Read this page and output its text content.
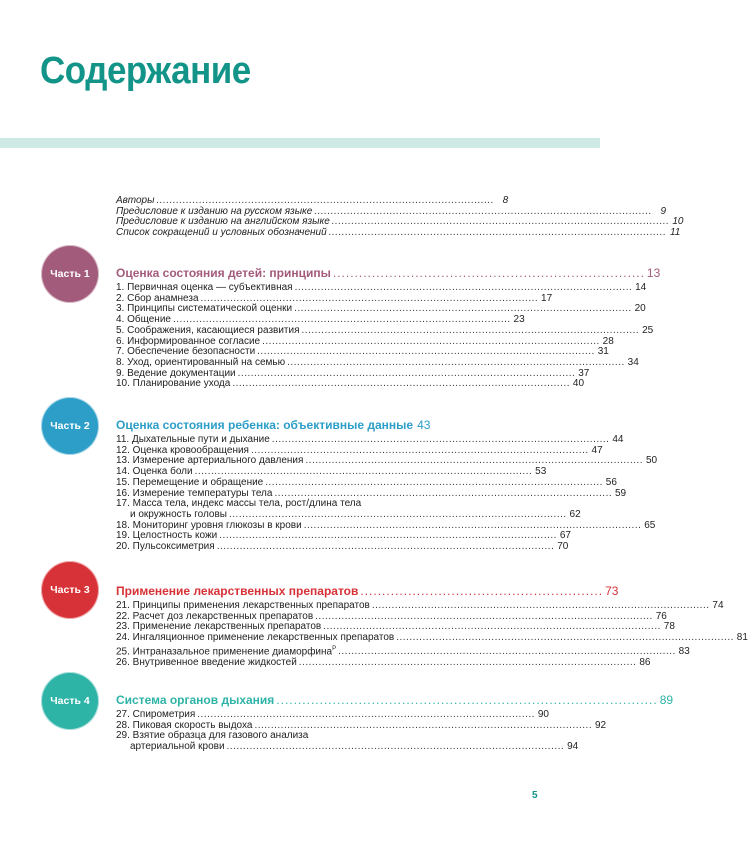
Содержание
Авторы ....................................................................................................... 8
Предисловие к изданию на русском языке ....................................................................................................... 9
Предисловие к изданию на английском языке ....................................................................................................... 10
Список сокращений и условных обозначений ....................................................................................................... 11
Часть 1 Оценка состояния детей: принципы ........................................................................ 13
1. Первичная оценка — субъективная ....................................................................................................... 14
2. Сбор анамнеза ....................................................................................................... 17
3. Принципы систематической оценки ....................................................................................................... 20
4. Общение ....................................................................................................... 23
5. Соображения, касающиеся развития ....................................................................................................... 25
6. Информированное согласие ....................................................................................................... 28
7. Обеспечение безопасности ....................................................................................................... 31
8. Уход, ориентированный на семью ....................................................................................................... 34
9. Ведение документации ....................................................................................................... 37
10. Планирование ухода ....................................................................................................... 40
Часть 2 Оценка состояния ребенка: объективные данные 43
11. Дыхательные пути и дыхание ....................................................................................................... 44
12. Оценка кровообращения ....................................................................................................... 47
13. Измерение артериального давления ....................................................................................................... 50
14. Оценка боли ....................................................................................................... 53
15. Перемещение и обращение ....................................................................................................... 56
16. Измерение температуры тела ....................................................................................................... 59
17. Масса тела, индекс массы тела, рост/длина тела
и окружность головы ....................................................................................................... 62
18. Мониторинг уровня глюкозы в крови ....................................................................................................... 65
19. Целостность кожи ....................................................................................................... 67
20. Пульсоксиметрия ....................................................................................................... 70
Часть 3 Применение лекарственных препаратов ........................................................ 73
21. Принципы применения лекарственных препаратов ....................................................................................................... 74
22. Расчет доз лекарственных препаратов ....................................................................................................... 76
23. Применение лекарственных препаратов ....................................................................................................... 78
24. Ингаляционное применение лекарственных препаратов ....................................................................................................... 81
25. Интраназальное применение диаморфина$^Р$ ....................................................................................................... 83
26. Внутривенное введение жидкостей ....................................................................................................... 86
Часть 4 Система органов дыхания ........................................................................................ 89
27. Спирометрия ....................................................................................................... 90
28. Пиковая скорость выдоха ....................................................................................................... 92
29. Взятие образца для газового анализа
артериальной крови ....................................................................................................... 94
5
